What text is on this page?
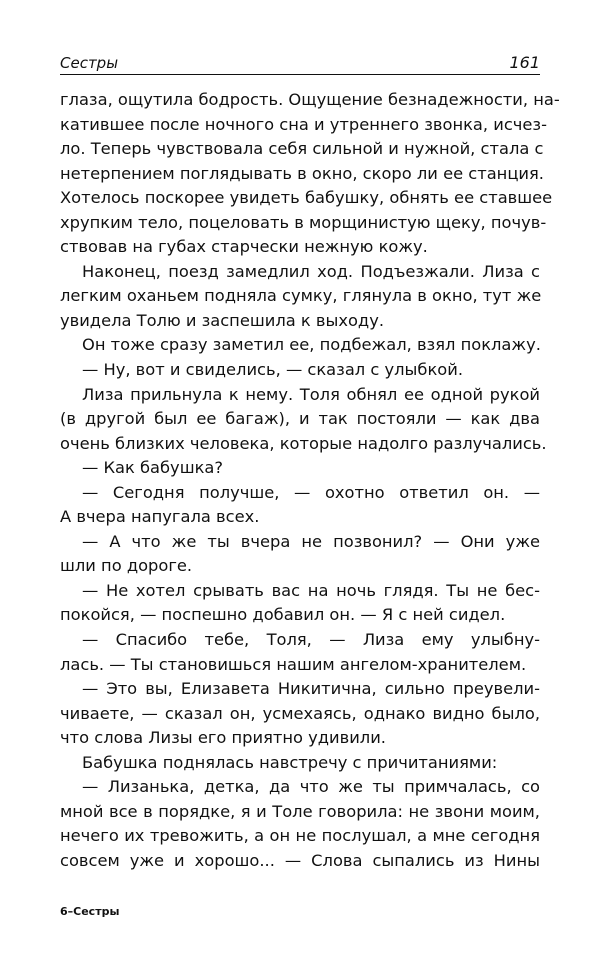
Сестры	161
глаза, ощутила бодрость. Ощущение безнадежности, на-
катившее после ночного сна и утреннего звонка, исчез-
ло. Теперь чувствовала себя сильной и нужной, стала с
нетерпением поглядывать в окно, скоро ли ее станция.
Хотелось поскорее увидеть бабушку, обнять ее ставшее
хрупким тело, поцеловать в морщинистую щеку, почув-
ствовав на губах старчески нежную кожу.
Наконец, поезд замедлил ход. Подъезжали. Лиза с
легким оханьем подняла сумку, глянула в окно, тут же
увидела Толю и заспешила к выходу.
Он тоже сразу заметил ее, подбежал, взял поклажу.
— Ну, вот и свиделись, — сказал с улыбкой.
Лиза прильнула к нему. Толя обнял ее одной рукой
(в другой был ее багаж), и так постояли — как два
очень близких человека, которые надолго разлучались.
— Как бабушка?
— Сегодня получше, — охотно ответил он. —
А вчера напугала всех.
— А что же ты вчера не позвонил? — Они уже
шли по дороге.
— Не хотел срывать вас на ночь глядя. Ты не бес-
покойся, — поспешно добавил он. — Я с ней сидел.
— Спасибо тебе, Толя, — Лиза ему улыбну-
лась. — Ты становишься нашим ангелом-хранителем.
— Это вы, Елизавета Никитична, сильно преувели-
чиваете, — сказал он, усмехаясь, однако видно было,
что слова Лизы его приятно удивили.
Бабушка поднялась навстречу с причитаниями:
— Лизанька, детка, да что же ты примчалась, со
мной все в порядке, я и Толе говорила: не звони моим,
нечего их тревожить, а он не послушал, а мне сегодня
совсем уже и хорошо... — Слова сыпались из Нины
6–Сестры
